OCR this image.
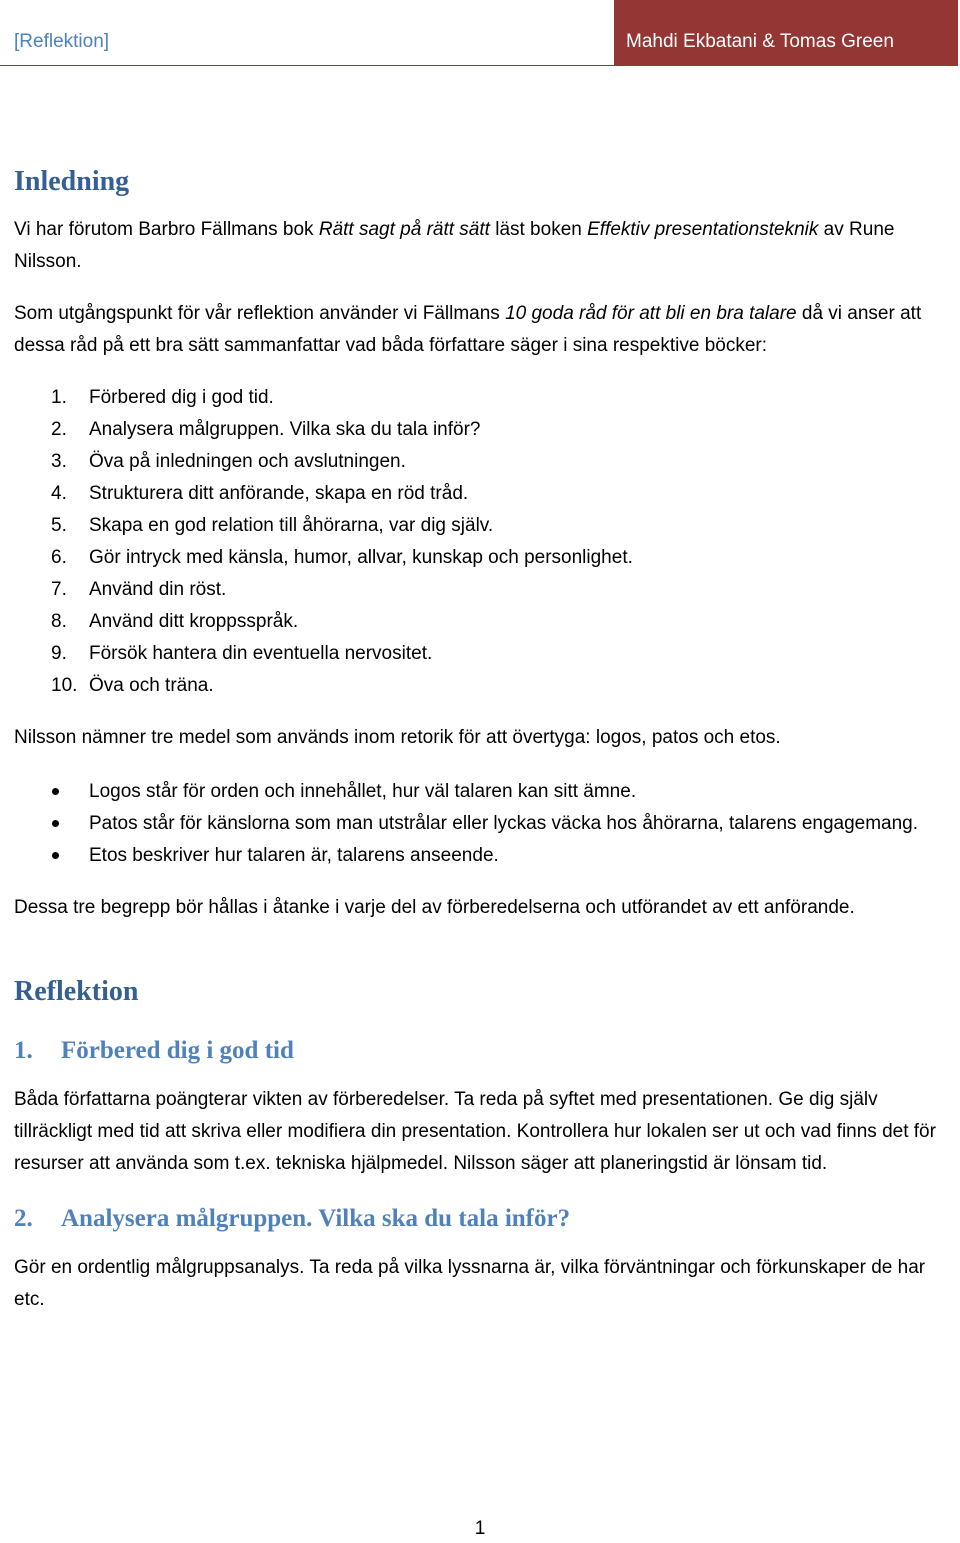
[Reflektion]	Mahdi Ekbatani & Tomas Green
Inledning

Vi har förutom Barbro Fällmans bok Rätt sagt på rätt sätt läst boken Effektiv presentationsteknik av Rune Nilsson.

Som utgångspunkt för vår reflektion använder vi Fällmans 10 goda råd för att bli en bra talare då vi anser att dessa råd på ett bra sätt sammanfattar vad båda författare säger i sina respektive böcker:

1. Förbered dig i god tid.
2. Analysera målgruppen. Vilka ska du tala inför?
3. Öva på inledningen och avslutningen.
4. Strukturera ditt anförande, skapa en röd tråd.
5. Skapa en god relation till åhörarna, var dig själv.
6. Gör intryck med känsla, humor, allvar, kunskap och personlighet.
7. Använd din röst.
8. Använd ditt kroppsspråk.
9. Försök hantera din eventuella nervositet.
10. Öva och träna.

Nilsson nämner tre medel som används inom retorik för att övertyga: logos, patos och etos.

Logos står för orden och innehållet, hur väl talaren kan sitt ämne.
Patos står för känslorna som man utstrålar eller lyckas väcka hos åhörarna, talarens engagemang.
Etos beskriver hur talaren är, talarens anseende.

Dessa tre begrepp bör hållas i åtanke i varje del av förberedelserna och utförandet av ett anförande.

Reflektion
1. Förbered dig i god tid

Båda författarna poängterar vikten av förberedelser. Ta reda på syftet med presentationen. Ge dig själv tillräckligt med tid att skriva eller modifiera din presentation. Kontrollera hur lokalen ser ut och vad finns det för resurser att använda som t.ex. tekniska hjälpmedel. Nilsson säger att planeringstid är lönsam tid.

2. Analysera målgruppen. Vilka ska du tala inför?

Gör en ordentlig målgruppsanalys. Ta reda på vilka lyssnarna är, vilka förväntningar och förkunskaper de har etc.

1
